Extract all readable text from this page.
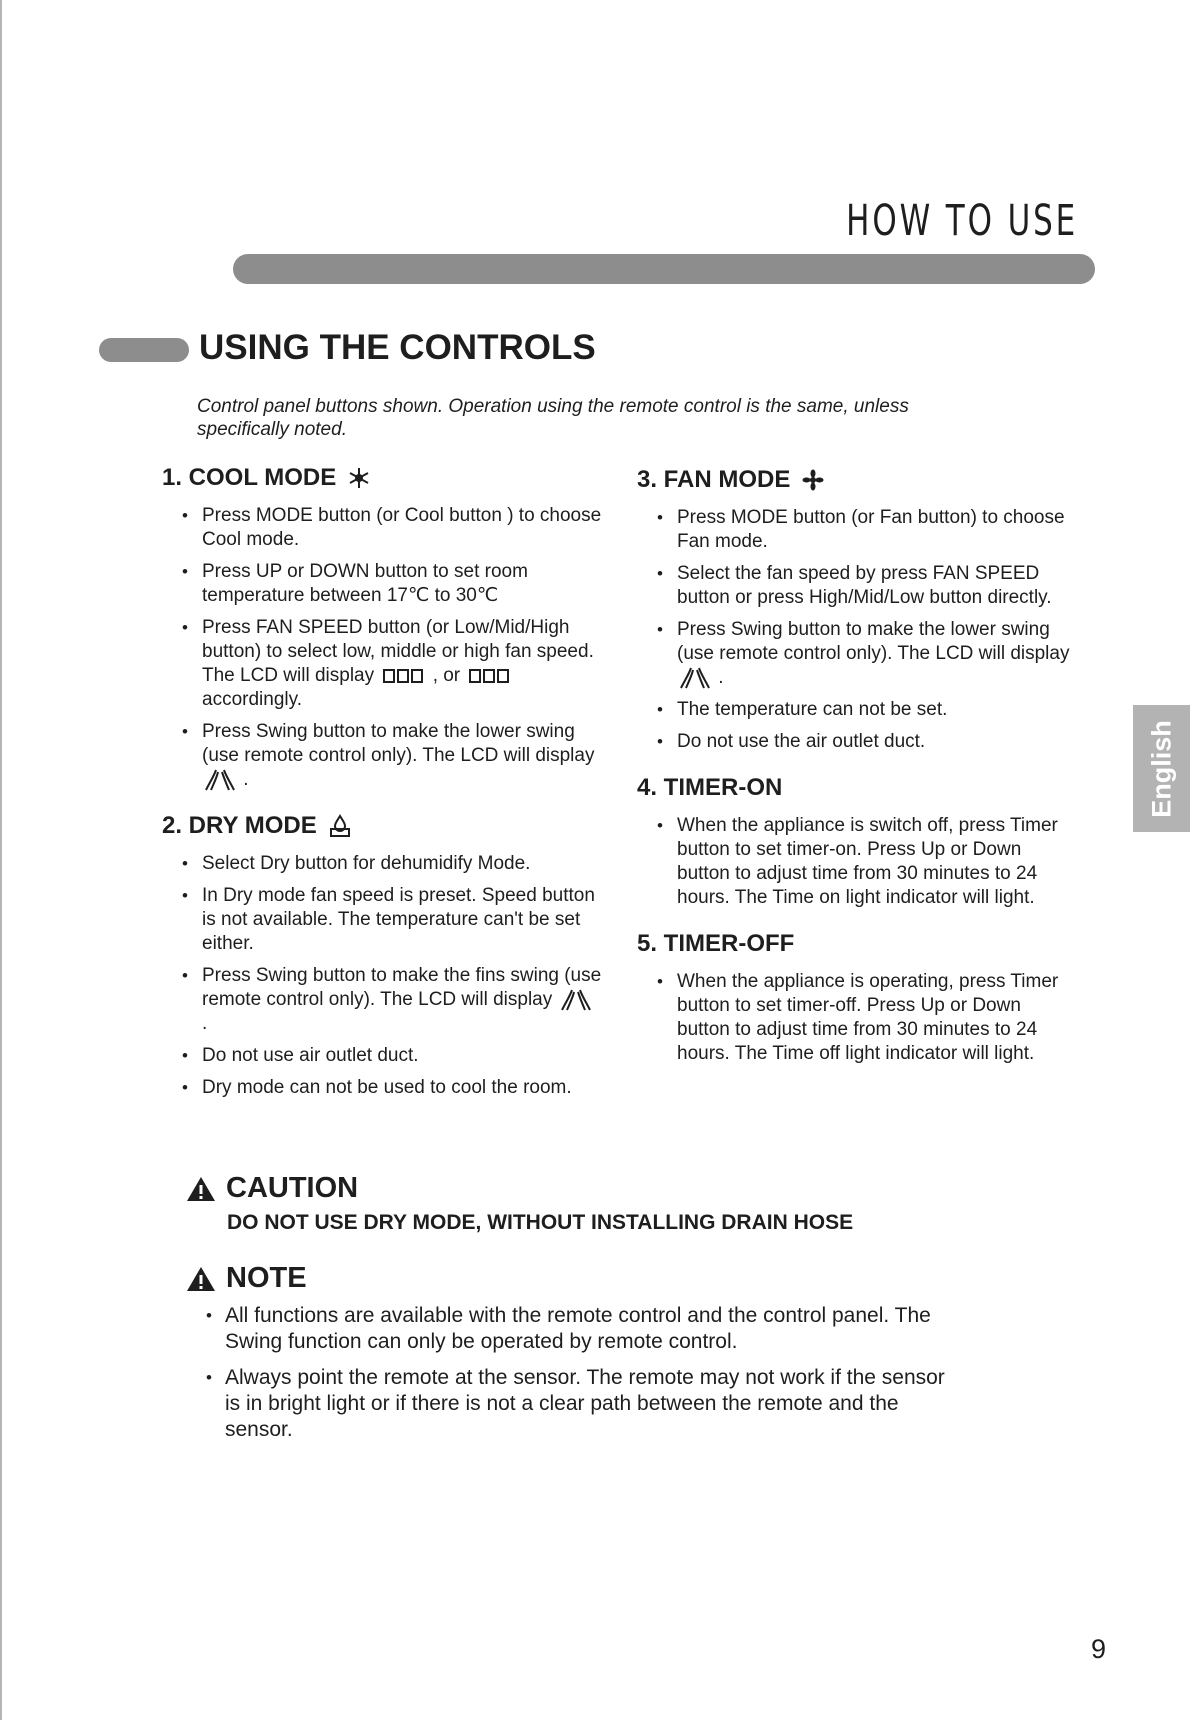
HOW TO USE
USING THE CONTROLS

Control panel buttons shown. Operation using the remote control is the same, unless specifically noted.

English
1. COOL MODE
• Press MODE button (or Cool button ) to choose Cool mode.
• Press UP or DOWN button to set room temperature between 17℃ to 30℃
• Press FAN SPEED button (or Low/Mid/High button) to select low, middle or high fan speed. The LCD will display	, or
accordingly.
• Press Swing button to make the lower swing (use remote control only). The LCD will display  .
2. DRY MODE
• Select Dry button for dehumidify Mode.
• In Dry mode fan speed is preset. Speed button is not available. The temperature can't be set either.
• Press Swing button to make the fins swing (use remote control only). The LCD will display  .
• Do not use air outlet duct.
• Dry mode can not be used to cool the room.
3. FAN MODE
• Press MODE button (or Fan button) to choose Fan mode.
• Select the fan speed by press FAN SPEED button or press High/Mid/Low button directly.
• Press Swing button to make the lower swing (use remote control only). The LCD will display  .
• The temperature can not be set.
• Do not use the air outlet duct.
4. TIMER-ON
• When the appliance is switch off, press Timer button to set timer-on. Press Up or Down button to adjust time from 30 minutes to 24 hours. The Time on light indicator will light.
5. TIMER-OFF
• When the appliance is operating, press Timer button to set timer-off. Press Up or Down button to adjust time from 30 minutes to 24 hours. The Time off light indicator will light.
CAUTION
DO NOT USE DRY MODE, WITHOUT INSTALLING DRAIN HOSE
NOTE
• All functions are available with the remote control and the control panel. The Swing function can only be operated by remote control.
• Always point the remote at the sensor. The remote may not work if the sensor is in bright light or if there is not a clear path between the remote and the sensor.
9
